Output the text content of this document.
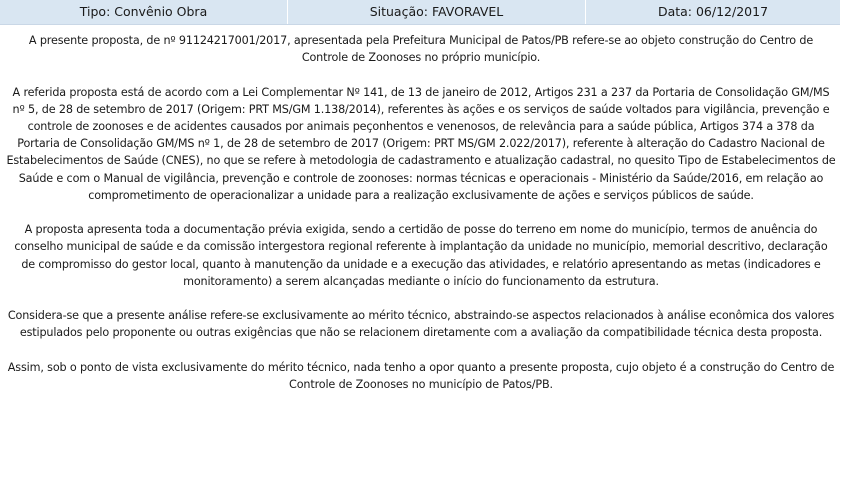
Tipo: Convênio Obra	Situação: FAVORAVEL	Data: 06/12/2017

A presente proposta, de nº 91124217001/2017, apresentada pela Prefeitura Municipal de Patos/PB refere-se ao objeto construção do Centro de Controle de Zoonoses no próprio município.

A referida proposta está de acordo com a Lei Complementar Nº 141, de 13 de janeiro de 2012, Artigos 231 a 237 da Portaria de Consolidação GM/MS nº 5, de 28 de setembro de 2017 (Origem: PRT MS/GM 1.138/2014), referentes às ações e os serviços de saúde voltados para vigilância, prevenção e controle de zoonoses e de acidentes causados por animais peçonhentos e venenosos, de relevância para a saúde pública, Artigos 374 a 378 da Portaria de Consolidação GM/MS nº 1, de 28 de setembro de 2017 (Origem: PRT MS/GM 2.022/2017), referente à alteração do Cadastro Nacional de Estabelecimentos de Saúde (CNES), no que se refere à metodologia de cadastramento e atualização cadastral, no quesito Tipo de Estabelecimentos de Saúde e com o Manual de vigilância, prevenção e controle de zoonoses: normas técnicas e operacionais - Ministério da Saúde/2016, em relação ao comprometimento de operacionalizar a unidade para a realização exclusivamente de ações e serviços públicos de saúde.

A proposta apresenta toda a documentação prévia exigida, sendo a certidão de posse do terreno em nome do município, termos de anuência do conselho municipal de saúde e da comissão intergestora regional referente à implantação da unidade no município, memorial descritivo, declaração de compromisso do gestor local, quanto à manutenção da unidade e a execução das atividades, e relatório apresentando as metas (indicadores e monitoramento) a serem alcançadas mediante o início do funcionamento da estrutura.

Considera-se que a presente análise refere-se exclusivamente ao mérito técnico, abstraindo-se aspectos relacionados à análise econômica dos valores estipulados pelo proponente ou outras exigências que não se relacionem diretamente com a avaliação da compatibilidade técnica desta proposta.

Assim, sob o ponto de vista exclusivamente do mérito técnico, nada tenho a opor quanto a presente proposta, cujo objeto é a construção do Centro de Controle de Zoonoses no município de Patos/PB.
